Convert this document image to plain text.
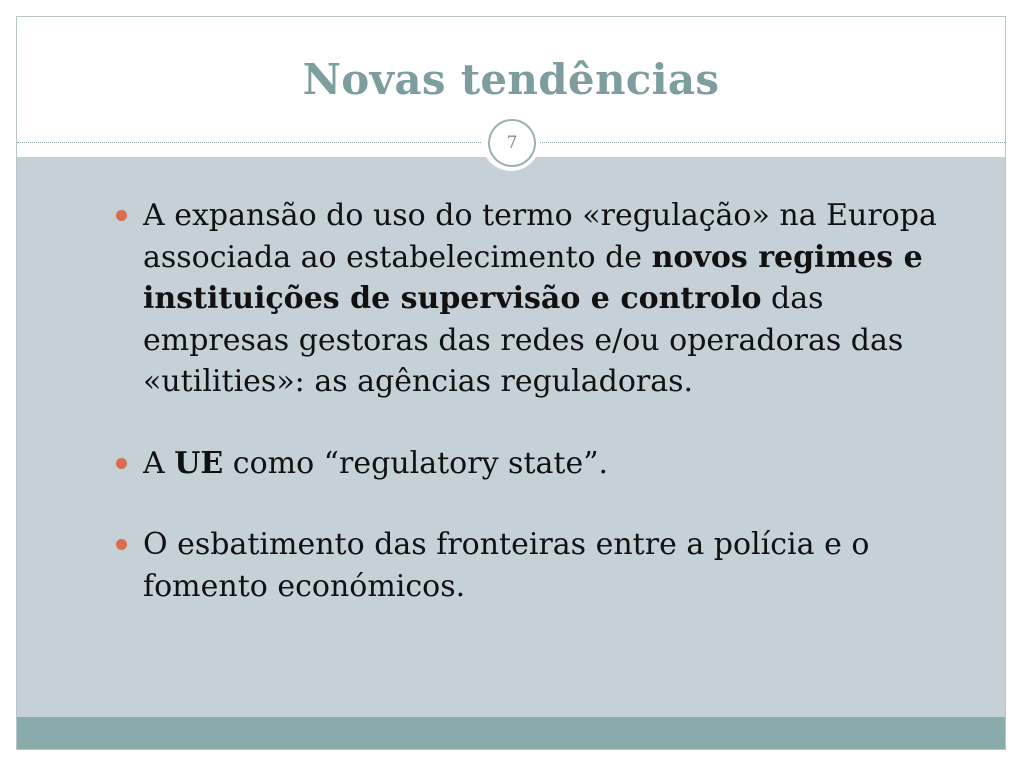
Novas tendências
7
A expansão do uso do termo «regulação» na Europa associada ao estabelecimento de novos regimes e instituições de supervisão e controlo das empresas gestoras das redes e/ou operadoras das «utilities»: as agências reguladoras.
A UE como “regulatory state”.
O esbatimento das fronteiras entre a polícia e o fomento económicos.
